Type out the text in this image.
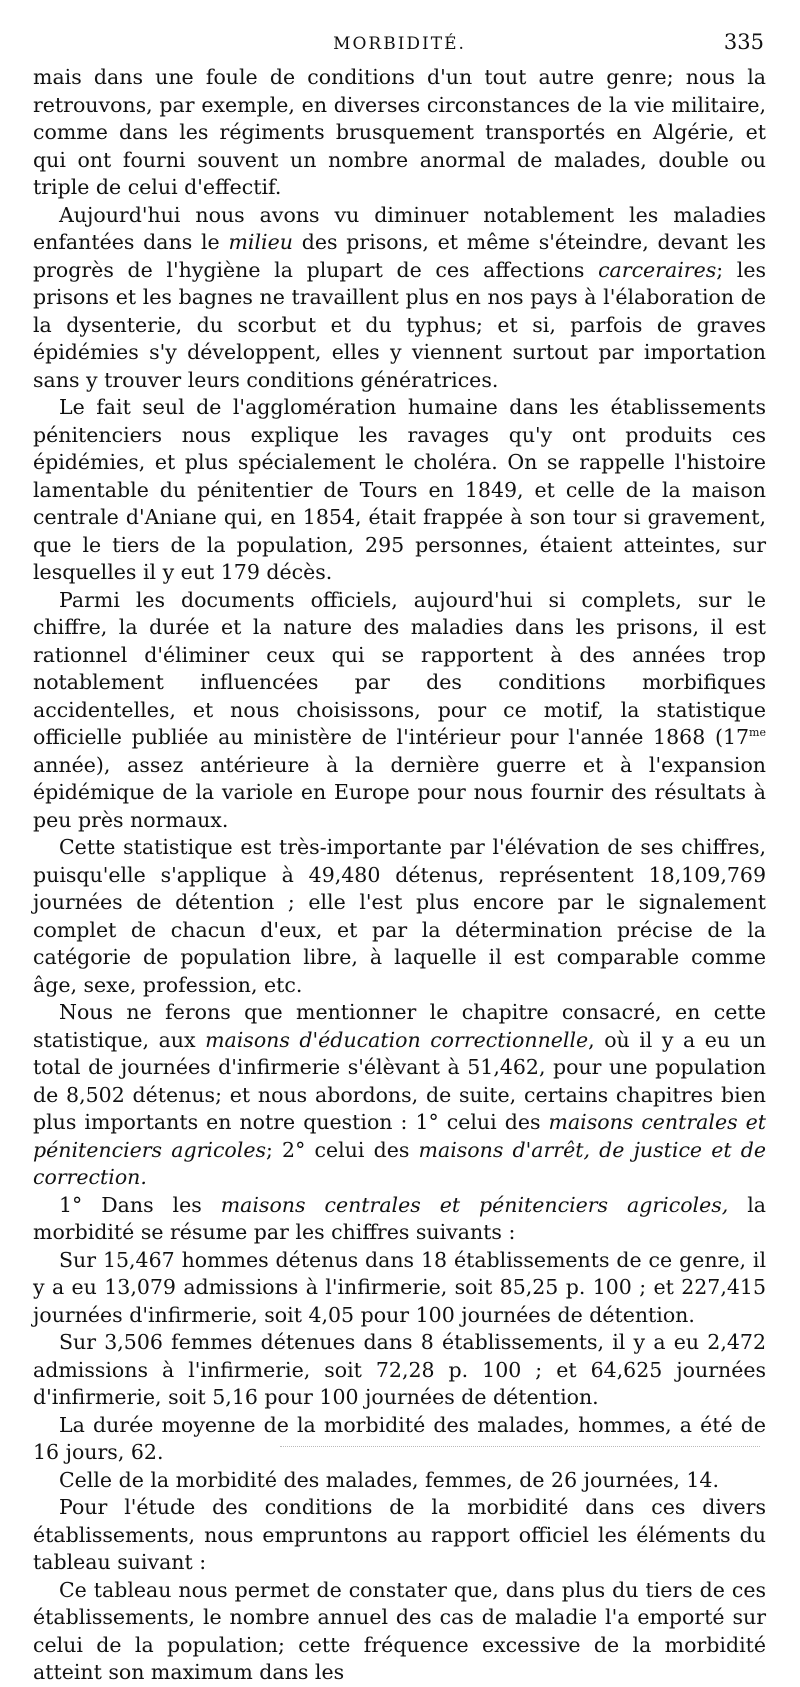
MORBIDITÉ.	335

mais dans une foule de conditions d'un tout autre genre; nous la retrouvons, par exemple, en diverses circonstances de la vie militaire, comme dans les régiments brusquement transportés en Algérie, et qui ont fourni souvent un nombre anormal de malades, double ou triple de celui d'effectif.

Aujourd'hui nous avons vu diminuer notablement les maladies enfantées dans le milieu des prisons, et même s'éteindre, devant les progrès de l'hygiène la plupart de ces affections carceraires; les prisons et les bagnes ne travaillent plus en nos pays à l'élaboration de la dysenterie, du scorbut et du typhus; et si, parfois de graves épidémies s'y développent, elles y viennent surtout par importation sans y trouver leurs conditions génératrices.

Le fait seul de l'agglomération humaine dans les établissements pénitenciers nous explique les ravages qu'y ont produits ces épidémies, et plus spécialement le choléra. On se rappelle l'histoire lamentable du pénitentier de Tours en 1849, et celle de la maison centrale d'Aniane qui, en 1854, était frappée à son tour si gravement, que le tiers de la population, 295 personnes, étaient atteintes, sur lesquelles il y eut 179 décès.

Parmi les documents officiels, aujourd'hui si complets, sur le chiffre, la durée et la nature des maladies dans les prisons, il est rationnel d'éliminer ceux qui se rapportent à des années trop notablement influencées par des conditions morbifiques accidentelles, et nous choisissons, pour ce motif, la statistique officielle publiée au ministère de l'intérieur pour l'année 1868 ($17^{me}$ année), assez antérieure à la dernière guerre et à l'expansion épidémique de la variole en Europe pour nous fournir des résultats à peu près normaux.

Cette statistique est très-importante par l'élévation de ses chiffres, puisqu'elle s'applique à 49,480 détenus, représentent 18,109,769 journées de détention ; elle l'est plus encore par le signalement complet de chacun d'eux, et par la détermination précise de la catégorie de population libre, à laquelle il est comparable comme âge, sexe, profession, etc.

Nous ne ferons que mentionner le chapitre consacré, en cette statistique, aux maisons d'éducation correctionnelle, où il y a eu un total de journées d'infirmerie s'élèvant à 51,462, pour une population de 8,502 détenus; et nous abordons, de suite, certains chapitres bien plus importants en notre question : 1° celui des maisons centrales et pénitenciers agricoles; 2° celui des maisons d'arrêt, de justice et de correction.

1° Dans les maisons centrales et pénitenciers agricoles, la morbidité se résume par les chiffres suivants :

Sur 15,467 hommes détenus dans 18 établissements de ce genre, il y a eu 13,079 admissions à l'infirmerie, soit 85,25 p. 100 ; et 227,415 journées d'infirmerie, soit 4,05 pour 100 journées de détention.

Sur 3,506 femmes détenues dans 8 établissements, il y a eu 2,472 admissions à l'infirmerie, soit 72,28 p. 100 ; et 64,625 journées d'infirmerie, soit 5,16 pour 100 journées de détention.

La durée moyenne de la morbidité des malades, hommes, a été de 16 jours, 62.

Celle de la morbidité des malades, femmes, de 26 journées, 14.

Pour l'étude des conditions de la morbidité dans ces divers établissements, nous empruntons au rapport officiel les éléments du tableau suivant :

Ce tableau nous permet de constater que, dans plus du tiers de ces établissements, le nombre annuel des cas de maladie l'a emporté sur celui de la population; cette fréquence excessive de la morbidité atteint son maximum dans les
